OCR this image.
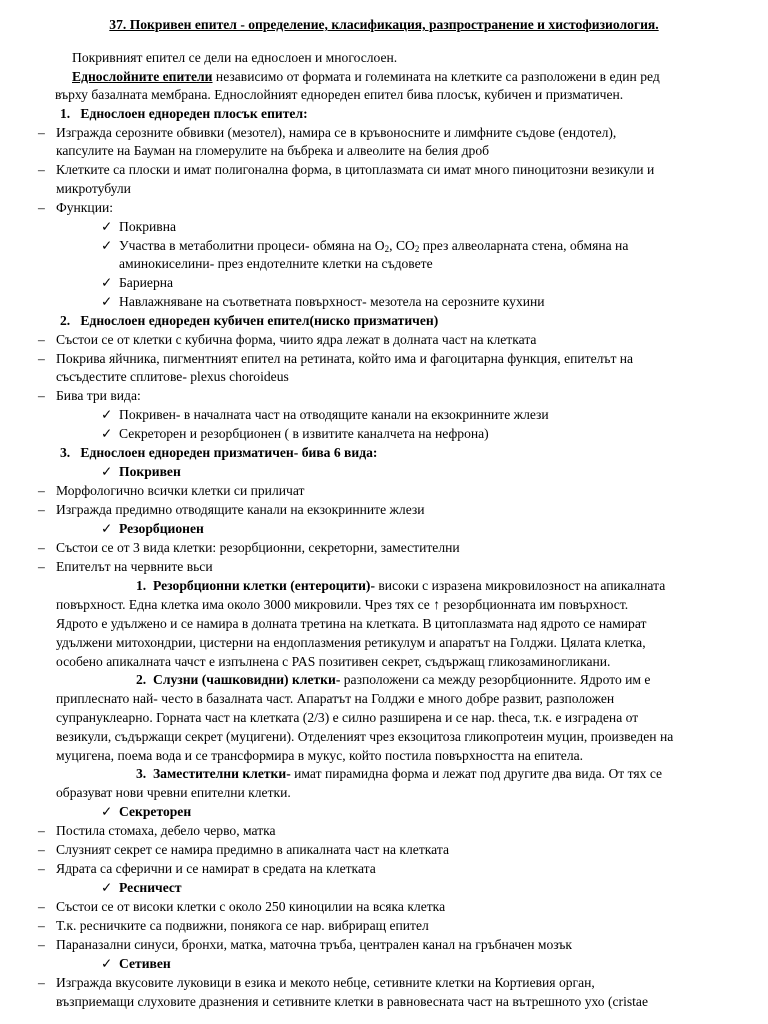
37. Покривен епител - определение, класификация, разпространение и хистофизиология.

Покривният епител се дели на еднослоен и многослоен.

Еднослойните епители независимо от формата и големината на клетките са разположени в един ред

върху базалната мембрана. Еднослойният еднореден епител бива плосък, кубичен и призматичен.

1. Еднослоен еднореден плосък епител:

– Изгражда серозните обвивки (мезотел), намира се в кръвоносните и лимфните съдове (ендотел),

капсулите на Бауман на гломерулите на бъбрека и алвеолите на белия дроб

– Клетките са плоски и имат полигонална форма, в цитоплазмата си имат много пиноцитозни везикули и

микротубули

– Функции:

✓ Покривна

✓ Участва в метаболитни процеси- обмяна на $О_2$, $CO_2$ през алвеоларната стена, обмяна на

аминокиселини- през ендотелните клетки на съдовете

✓ Бариерна

✓ Навлажняване на съответната повърхност- мезотела на серозните кухини

2. Еднослоен еднореден кубичен епител(ниско призматичен)

– Състои се от клетки с кубична форма, чиито ядра лежат в долната част на клетката

– Покрива яйчника, пигментният епител на ретината, който има и фагоцитарна функция, епителът на

съсъдестите сплитове- plexus choroideus

– Бива три вида:

✓ Покривен- в началната част на отводящите канали на екзокринните жлези

✓ Секреторен и резорбционен ( в извитите каналчета на нефрона)

3. Еднослоен еднореден призматичен- бива 6 вида:

✓ Покривен

– Морфологично всички клетки си приличат

– Изгражда предимно отводящите канали на екзокринните жлези

✓ Резорбционен

– Състои се от 3 вида клетки: резорбционни, секреторни, заместителни

– Епителът на червните вьси

1. Резорбционни клетки (ентероцити)- високи с изразена микровилозност на апикалната

повърхност. Една клетка има около 3000 микровили. Чрез тях се ↑ резорбционната им повърхност.

Ядрото е удължено и се намира в долната третина на клетката. В цитоплазмата над ядрото се намират

удължени митохондрии, цистерни на ендоплазмения ретикулум и апаратът на Голджи. Цялата клетка,

особено апикалната чачст е изпълнена с PAS позитивен секрет, съдържащ гликозаминогликани.

2. Слузни (чашковидни) клетки- разположени са между резорбционните. Ядрото им е

приплеснато най- често в базалната част. Апаратът на Голджи е много добре развит, разположен

супрануклеарно. Горната част на клетката (2/3) е силно разширена и се нар. theca, т.к. е изградена от

везикули, съдържащи секрет (муцигени). Отделеният чрез екзоцитоза гликопротеин муцин, произведен на

муцигена, поема вода и се трансформира в мукус, който постила повърхността на епитела.

3. Заместителни клетки- имат пирамидна форма и лежат под другите два вида. От тях се

образуват нови чревни епителни клетки.

✓ Секреторен

– Постила стомаха, дебело черво, матка

– Слузният секрет се намира предимно в апикалната част на клетката

– Ядрата са сферични и се намират в средата на клетката

✓ Ресничест

– Състои се от високи клетки с около 250 киноцилии на всяка клетка

– Т.к. ресничките са подвижни, понякога се нар. вибриращ епител

– Параназални синуси, бронхи, матка, маточна тръба, централен канал на гръбначен мозък

✓ Сетивен

– Изгражда вкусовите луковици в езика и мекото небце, сетивните клетки на Кортиевия орган,

възприемащи слуховите дразнения и сетивните клетки в равновесната част на вътрешното ухо (cristae
